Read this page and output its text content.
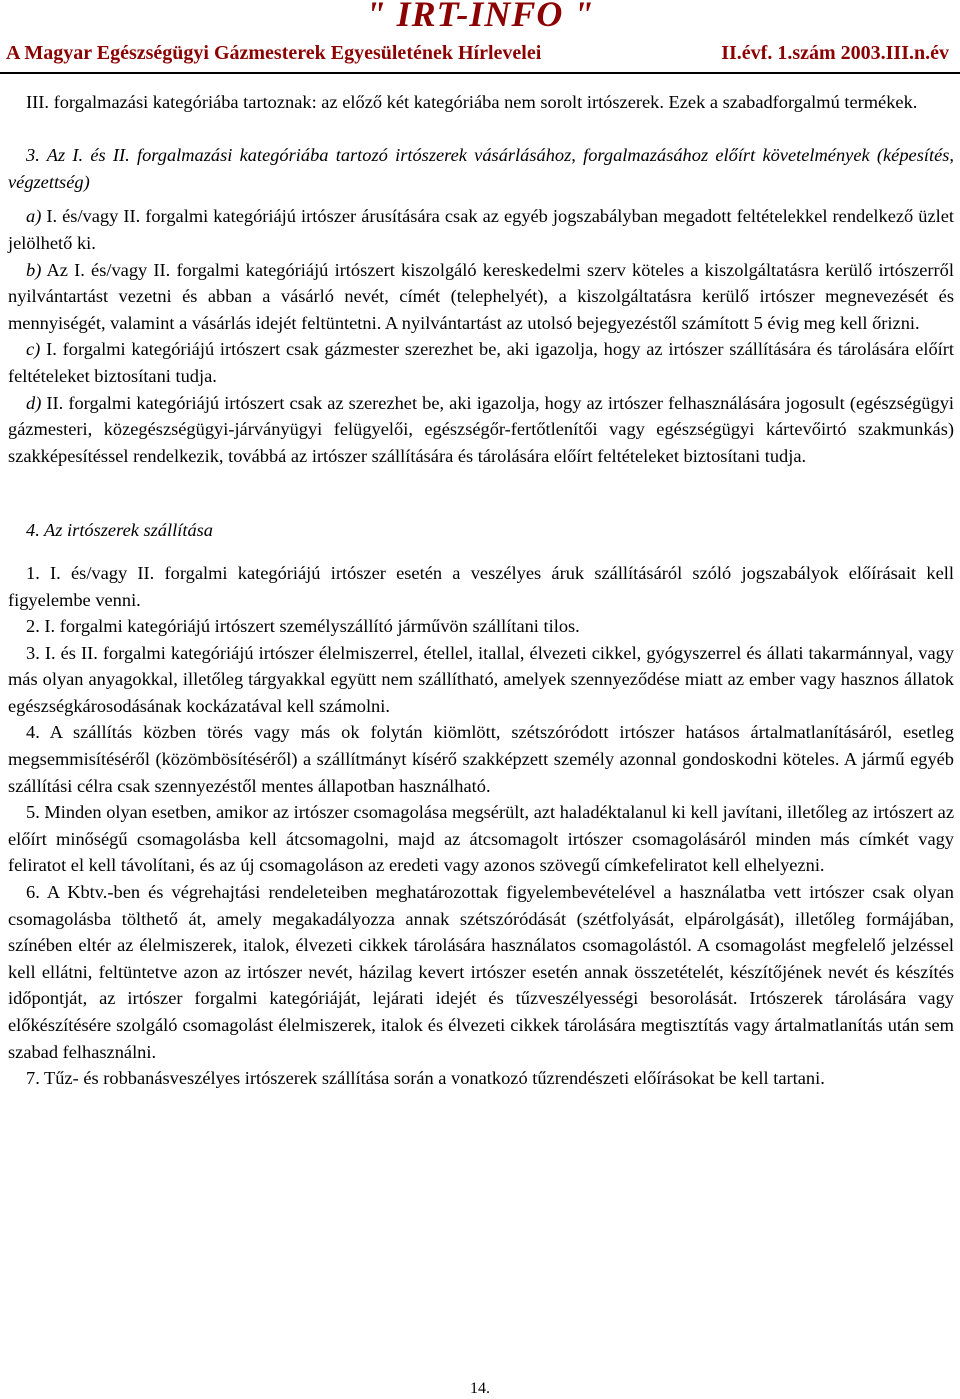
" IRT-INFO "
A Magyar Egészségügyi Gázmesterek Egyesületének Hírlevelei	II.évf. 1.szám 2003.III.n.év

III. forgalmazási kategóriába tartoznak: az előző két kategóriába nem sorolt irtószerek. Ezek a szabadforgalmú termékek.

3. Az I. és II. forgalmazási kategóriába tartozó irtószerek vásárlásához, forgalmazásához előírt követelmények (képesítés, végzettség)

a) I. és/vagy II. forgalmi kategóriájú irtószer árusítására csak az egyéb jogszabályban megadott feltételekkel rendelkező üzlet jelölhető ki.

b) Az I. és/vagy II. forgalmi kategóriájú irtószert kiszolgáló kereskedelmi szerv köteles a kiszolgáltatásra kerülő irtószerről nyilvántartást vezetni és abban a vásárló nevét, címét (telephelyét), a kiszolgáltatásra kerülő irtószer megnevezését és mennyiségét, valamint a vásárlás idejét feltüntetni. A nyilvántartást az utolsó bejegyezéstől számított 5 évig meg kell őrizni.

c) I. forgalmi kategóriájú irtószert csak gázmester szerezhet be, aki igazolja, hogy az irtószer szállítására és tárolására előírt feltételeket biztosítani tudja.

d) II. forgalmi kategóriájú irtószert csak az szerezhet be, aki igazolja, hogy az irtószer felhasználására jogosult (egészségügyi gázmesteri, közegészségügyi-járványügyi felügyelői, egészségőr-fertőtlenítői vagy egészségügyi kártevőirtó szakmunkás) szakképesítéssel rendelkezik, továbbá az irtószer szállítására és tárolására előírt feltételeket biztosítani tudja.

4. Az irtószerek szállítása

1. I. és/vagy II. forgalmi kategóriájú irtószer esetén a veszélyes áruk szállításáról szóló jogszabályok előírásait kell figyelembe venni.

2. I. forgalmi kategóriájú irtószert személyszállító járművön szállítani tilos.

3. I. és II. forgalmi kategóriájú irtószer élelmiszerrel, étellel, itallal, élvezeti cikkel, gyógyszerrel és állati takarmánnyal, vagy más olyan anyagokkal, illetőleg tárgyakkal együtt nem szállítható, amelyek szennyeződése miatt az ember vagy hasznos állatok egészségkárosodásának kockázatával kell számolni.

4. A szállítás közben törés vagy más ok folytán kiömlött, szétszóródott irtószer hatásos ártalmatlanításáról, esetleg megsemmisítéséről (közömbösítéséről) a szállítmányt kísérő szakképzett személy azonnal gondoskodni köteles. A jármű egyéb szállítási célra csak szennyezéstől mentes állapotban használható.

5. Minden olyan esetben, amikor az irtószer csomagolása megsérült, azt haladéktalanul ki kell javítani, illetőleg az irtószert az előírt minőségű csomagolásba kell átcsomagolni, majd az átcsomagolt irtószer csomagolásáról minden más címkét vagy feliratot el kell távolítani, és az új csomagoláson az eredeti vagy azonos szövegű címkefeliratot kell elhelyezni.

6. A Kbtv.-ben és végrehajtási rendeleteiben meghatározottak figyelembevételével a használatba vett irtószer csak olyan csomagolásba tölthető át, amely megakadályozza annak szétszóródását (szétfolyását, elpárolgását), illetőleg formájában, színében eltér az élelmiszerek, italok, élvezeti cikkek tárolására használatos csomagolástól. A csomagolást megfelelő jelzéssel kell ellátni, feltüntetve azon az irtószer nevét, házilag kevert irtószer esetén annak összetételét, készítőjének nevét és készítés időpontját, az irtószer forgalmi kategóriáját, lejárati idejét és tűzveszélyességi besorolását. Irtószerek tárolására vagy előkészítésére szolgáló csomagolást élelmiszerek, italok és élvezeti cikkek tárolására megtisztítás vagy ártalmatlanítás után sem szabad felhasználni.

7. Tűz- és robbanásveszélyes irtószerek szállítása során a vonatkozó tűzrendészeti előírásokat be kell tartani.

14.
